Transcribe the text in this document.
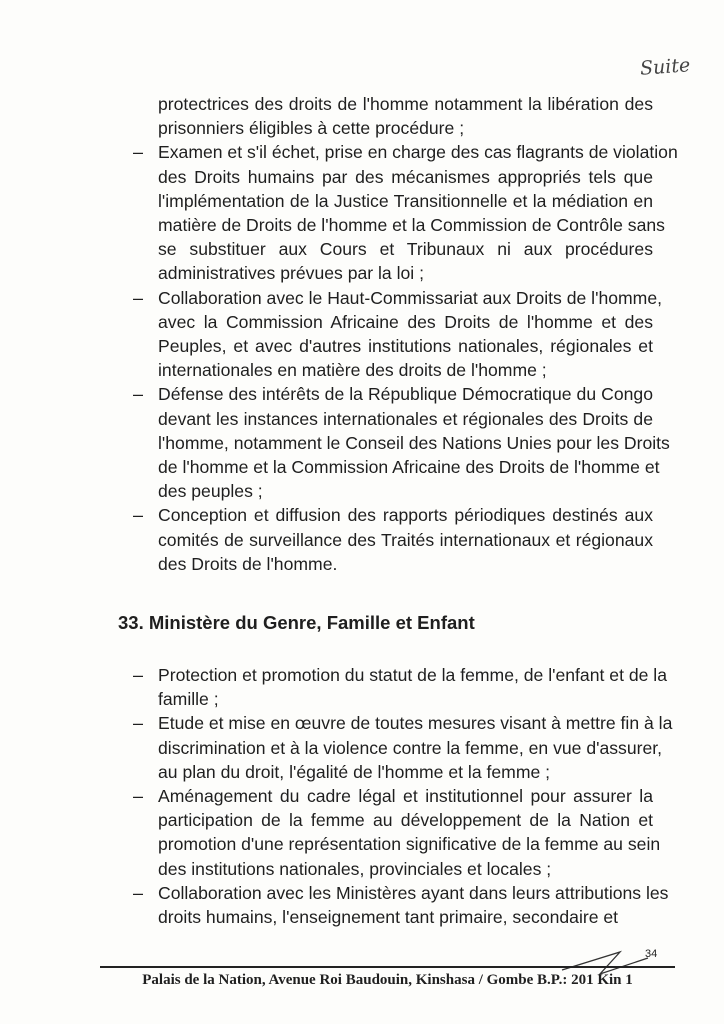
Suite
protectrices des droits de l'homme notamment la libération des
prisonniers éligibles à cette procédure ;
– Examen et s'il échet, prise en charge des cas flagrants de violation
des Droits humains par des mécanismes appropriés tels que
l'implémentation de la Justice Transitionnelle et la médiation en
matière de Droits de l'homme et la Commission de Contrôle sans
se substituer aux Cours et Tribunaux ni aux procédures
administratives prévues par la loi ;
– Collaboration avec le Haut-Commissariat aux Droits de l'homme,
avec la Commission Africaine des Droits de l'homme et des
Peuples, et avec d'autres institutions nationales, régionales et
internationales en matière des droits de l'homme ;
– Défense des intérêts de la République Démocratique du Congo
devant les instances internationales et régionales des Droits de
l'homme, notamment le Conseil des Nations Unies pour les Droits
de l'homme et la Commission Africaine des Droits de l'homme et
des peuples ;
– Conception et diffusion des rapports périodiques destinés aux
comités de surveillance des Traités internationaux et régionaux
des Droits de l'homme.
33. Ministère du Genre, Famille et Enfant
– Protection et promotion du statut de la femme, de l'enfant et de la
famille ;
– Etude et mise en œuvre de toutes mesures visant à mettre fin à la
discrimination et à la violence contre la femme, en vue d'assurer,
au plan du droit, l'égalité de l'homme et la femme ;
– Aménagement du cadre légal et institutionnel pour assurer la
participation de la femme au développement de la Nation et
promotion d'une représentation significative de la femme au sein
des institutions nationales, provinciales et locales ;
– Collaboration avec les Ministères ayant dans leurs attributions les
droits humains, l'enseignement tant primaire, secondaire et
34
Palais de la Nation, Avenue Roi Baudouin, Kinshasa / Gombe B.P.: 201 Kin 1
